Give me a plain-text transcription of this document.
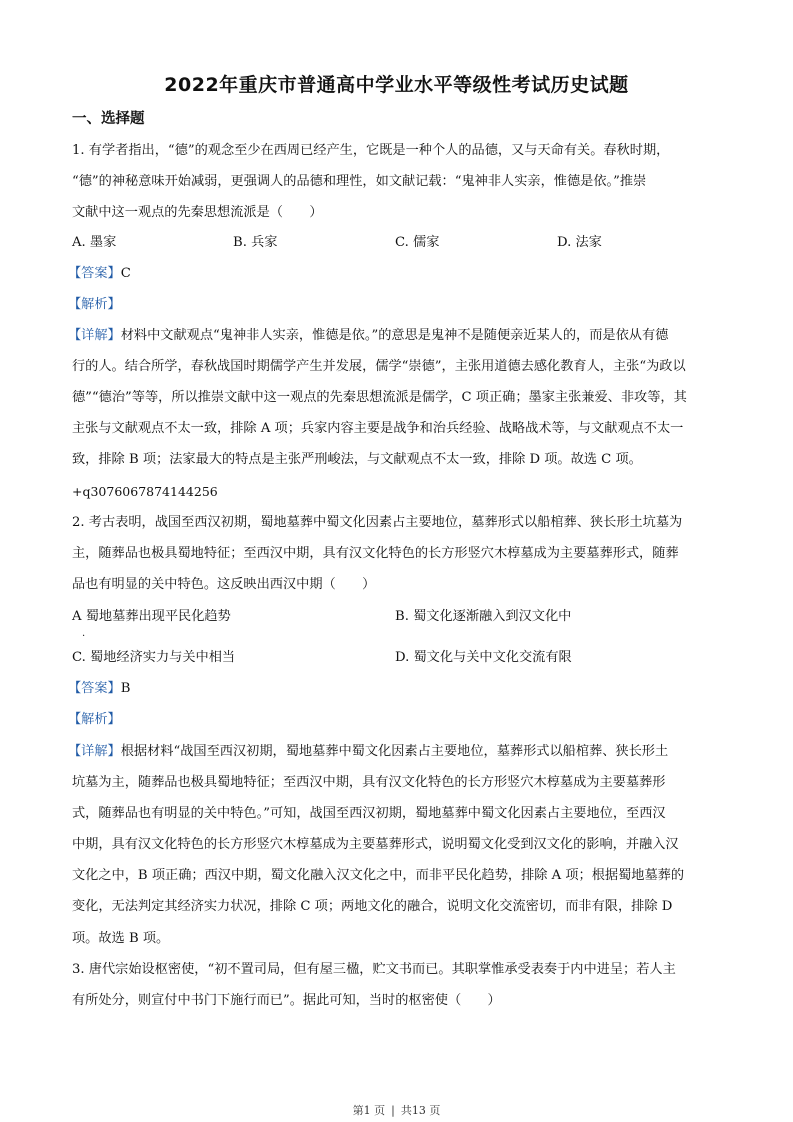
2022年重庆市普通高中学业水平等级性考试历史试题
一、选择题
1. 有学者指出，“德”的观念至少在西周已经产生，它既是一种个人的品德，又与天命有关。春秋时期，
“德”的神秘意味开始减弱，更强调人的品德和理性，如文献记载：“鬼神非人实亲，惟德是依。”推崇
文献中这一观点的先秦思想流派是（　　）
A. 墨家	B. 兵家	C. 儒家	D. 法家
【答案】C
【解析】
【详解】材料中文献观点“鬼神非人实亲，惟德是依。”的意思是鬼神不是随便亲近某人的，而是依从有德
行的人。结合所学，春秋战国时期儒学产生并发展，儒学“崇德”，主张用道德去感化教育人，主张“为政以
德”“德治”等等，所以推崇文献中这一观点的先秦思想流派是儒学，C 项正确；墨家主张兼爱、非攻等，其
主张与文献观点不太一致，排除 A 项；兵家内容主要是战争和治兵经验、战略战术等，与文献观点不太一
致，排除 B 项；法家最大的特点是主张严刑峻法，与文献观点不太一致，排除 D 项。故选 C 项。
+q3076067874144256
2. 考古表明，战国至西汉初期，蜀地墓葬中蜀文化因素占主要地位，墓葬形式以船棺葬、狭长形土坑墓为
主，随葬品也极具蜀地特征；至西汉中期，具有汉文化特色的长方形竖穴木椁墓成为主要墓葬形式，随葬
品也有明显的关中特色。这反映出西汉中期（　　）
A 蜀地墓葬出现平民化趋势
.
B. 蜀文化逐渐融入到汉文化中
C. 蜀地经济实力与关中相当	D. 蜀文化与关中文化交流有限
【答案】B
【解析】
【详解】根据材料“战国至西汉初期，蜀地墓葬中蜀文化因素占主要地位，墓葬形式以船棺葬、狭长形土
坑墓为主，随葬品也极具蜀地特征；至西汉中期，具有汉文化特色的长方形竖穴木椁墓成为主要墓葬形
式，随葬品也有明显的关中特色。”可知，战国至西汉初期，蜀地墓葬中蜀文化因素占主要地位，至西汉
中期，具有汉文化特色的长方形竖穴木椁墓成为主要墓葬形式，说明蜀文化受到汉文化的影响，并融入汉
文化之中，B 项正确；西汉中期，蜀文化融入汉文化之中，而非平民化趋势，排除 A 项；根据蜀地墓葬的
变化，无法判定其经济实力状况，排除 C 项；两地文化的融合，说明文化交流密切，而非有限，排除 D
项。故选 B 项。
3. 唐代宗始设枢密使，“初不置司局，但有屋三楹，贮文书而已。其职掌惟承受表奏于内中进呈；若人主
有所处分，则宣付中书门下施行而已”。据此可知，当时的枢密使（　　）
第1 页 | 共13 页
